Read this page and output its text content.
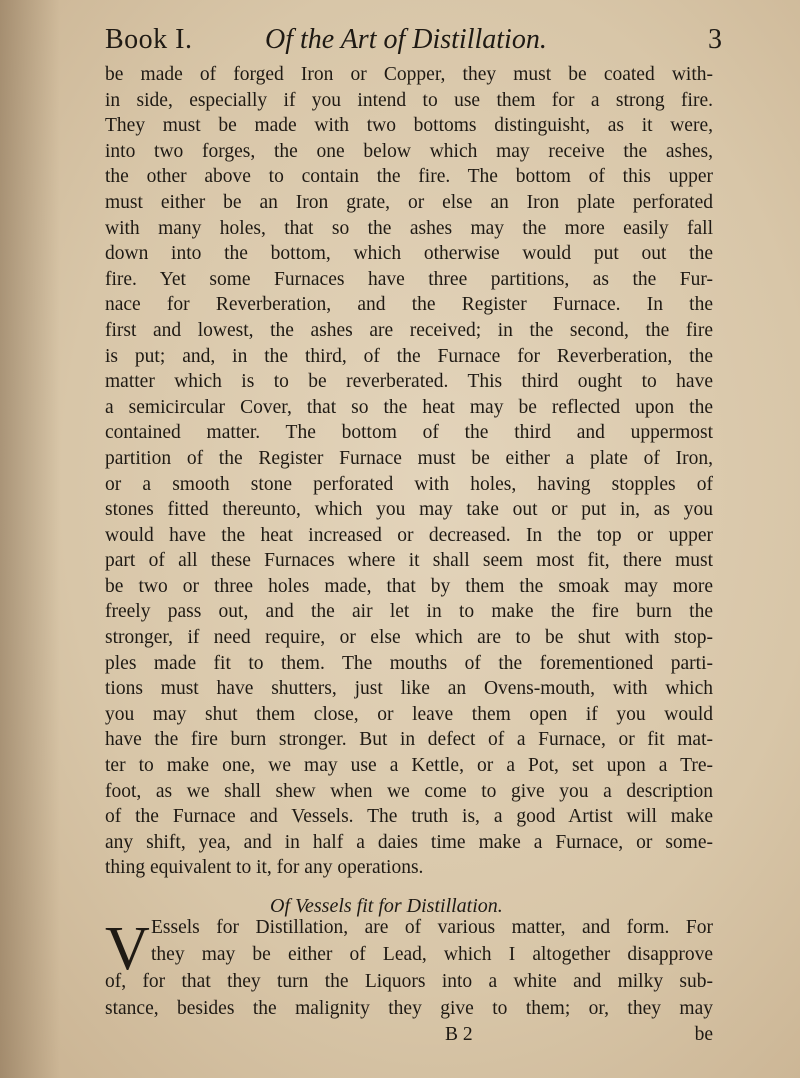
Book I.	Of the Art of Distillation.	3
be made of forged Iron or Copper, they must be coated with-
in side, especially if you intend to use them for a strong fire.
They must be made with two bottoms distinguisht, as it were,
into two forges, the one below which may receive the ashes,
the other above to contain the fire. The bottom of this upper
must either be an Iron grate, or else an Iron plate perforated
with many holes, that so the ashes may the more easily fall
down into the bottom, which otherwise would put out the
fire. Yet some Furnaces have three partitions, as the Fur-
nace for Reverberation, and the Register Furnace. In the
first and lowest, the ashes are received; in the second, the fire
is put; and, in the third, of the Furnace for Reverberation, the
matter which is to be reverberated. This third ought to have
a semicircular Cover, that so the heat may be reflected upon the
contained matter. The bottom of the third and uppermost
partition of the Register Furnace must be either a plate of Iron,
or a smooth stone perforated with holes, having stopples of
stones fitted thereunto, which you may take out or put in, as you
would have the heat increased or decreased. In the top or upper
part of all these Furnaces where it shall seem most fit, there must
be two or three holes made, that by them the smoak may more
freely pass out, and the air let in to make the fire burn the
stronger, if need require, or else which are to be shut with stop-
ples made fit to them. The mouths of the forementioned parti-
tions must have shutters, just like an Ovens-mouth, with which
you may shut them close, or leave them open if you would
have the fire burn stronger. But in defect of a Furnace, or fit mat-
ter to make one, we may use a Kettle, or a Pot, set upon a Tre-
foot, as we shall shew when we come to give you a description
of the Furnace and Vessels. The truth is, a good Artist will make
any shift, yea, and in half a daies time make a Furnace, or some-
thing equivalent to it, for any operations.
Of Vessels fit for Distillation.
V Essels for Distillation, are of various matter, and form. For
they may be either of Lead, which I altogether disapprove
of, for that they turn the Liquors into a white and milky sub-
stance, besides the malignity they give to them; or, they may
B 2	be
